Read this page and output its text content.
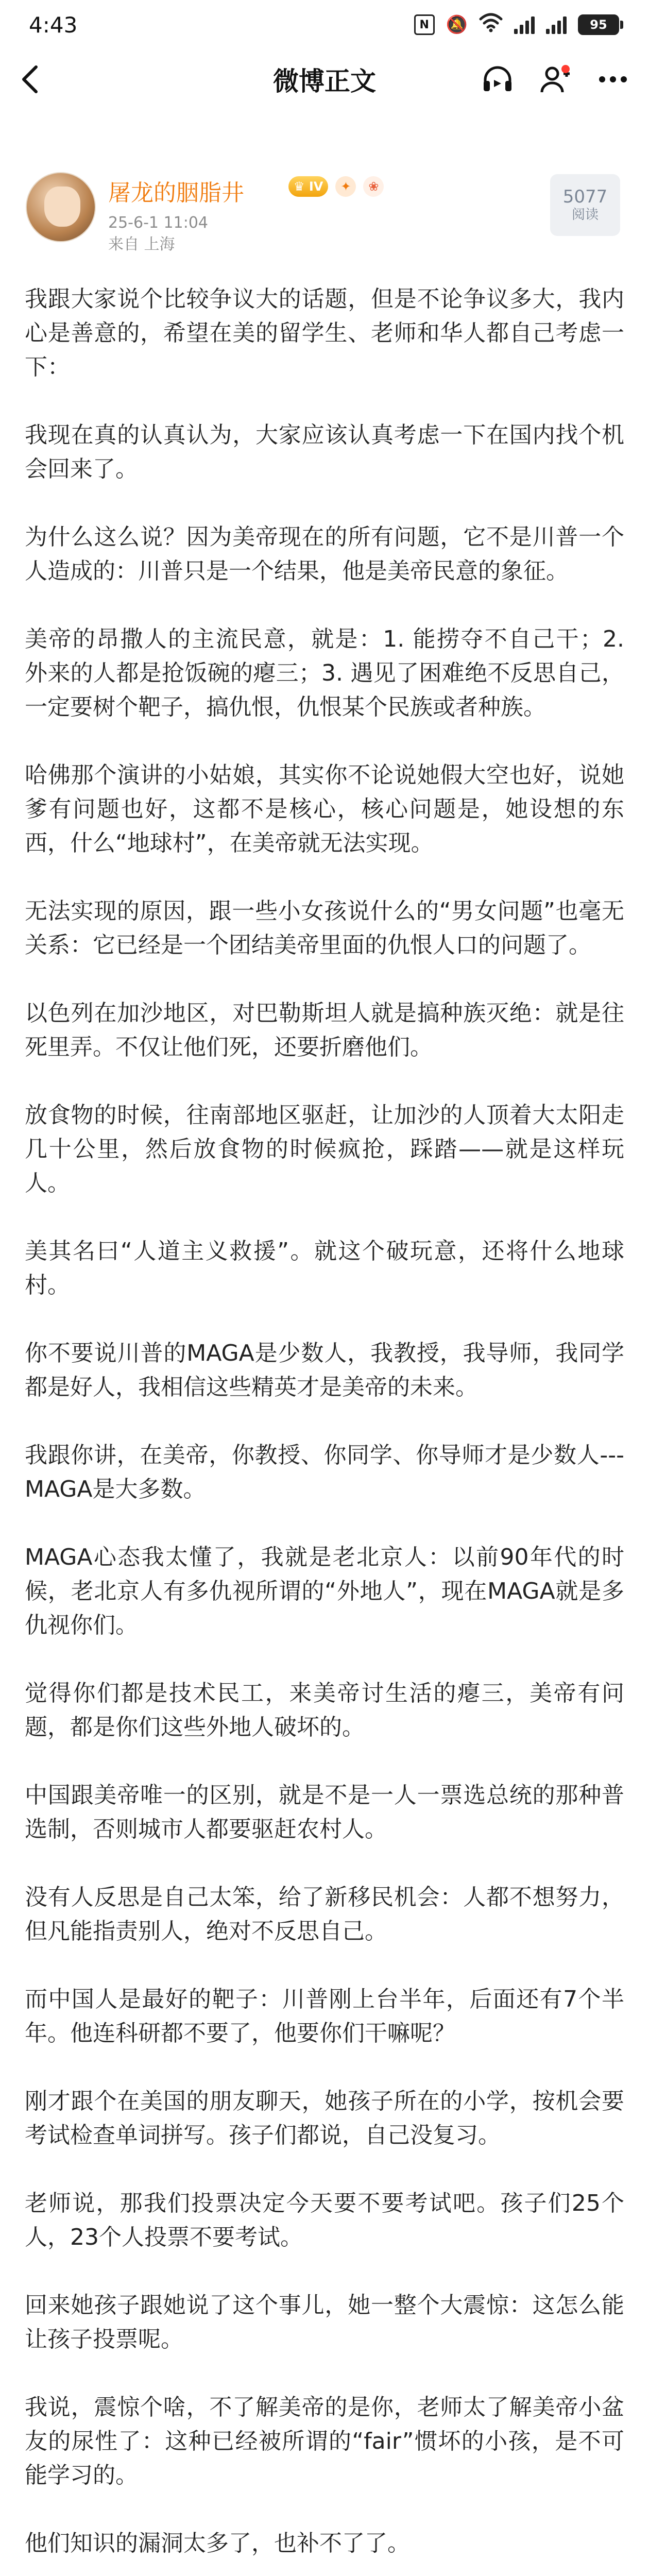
4:43	N 🔕	95
微博正文
屠龙的胭脂井	♛ IV	✦	❀
25-6-1 11:04
来自 上海
5077
阅读

我跟大家说个比较争议大的话题，但是不论争议多大，我内心是善意的，希望在美的留学生、老师和华人都自己考虑一下：

我现在真的认真认为，大家应该认真考虑一下在国内找个机会回来了。

为什么这么说？因为美帝现在的所有问题，它不是川普一个人造成的：川普只是一个结果，他是美帝民意的象征。

美帝的昂撒人的主流民意，就是：1. 能捞夺不自己干；2. 外来的人都是抢饭碗的瘪三；3. 遇见了困难绝不反思自己，一定要树个靶子，搞仇恨，仇恨某个民族或者种族。

哈佛那个演讲的小姑娘，其实你不论说她假大空也好，说她爹有问题也好，这都不是核心，核心问题是，她设想的东西，什么“地球村”，在美帝就无法实现。

无法实现的原因，跟一些小女孩说什么的“男女问题”也毫无关系：它已经是一个团结美帝里面的仇恨人口的问题了。

以色列在加沙地区，对巴勒斯坦人就是搞种族灭绝：就是往死里弄。不仅让他们死，还要折磨他们。

放食物的时候，往南部地区驱赶，让加沙的人顶着大太阳走几十公里，然后放食物的时候疯抢，踩踏——就是这样玩人。

美其名曰“人道主义救援”。就这个破玩意，还将什么地球村。

你不要说川普的MAGA是少数人，我教授，我导师，我同学都是好人，我相信这些精英才是美帝的未来。

我跟你讲，在美帝，你教授、你同学、你导师才是少数人---MAGA是大多数。

MAGA心态我太懂了，我就是老北京人：以前90年代的时候，老北京人有多仇视所谓的“外地人”，现在MAGA就是多仇视你们。

觉得你们都是技术民工，来美帝讨生活的瘪三，美帝有问题，都是你们这些外地人破坏的。

中国跟美帝唯一的区别，就是不是一人一票选总统的那种普选制，否则城市人都要驱赶农村人。

没有人反思是自己太笨，给了新移民机会：人都不想努力，但凡能指责别人，绝对不反思自己。

而中国人是最好的靶子：川普刚上台半年，后面还有7个半年。他连科研都不要了，他要你们干嘛呢？

刚才跟个在美国的朋友聊天，她孩子所在的小学，按机会要考试检查单词拼写。孩子们都说，自己没复习。

老师说，那我们投票决定今天要不要考试吧。孩子们25个人，23个人投票不要考试。

回来她孩子跟她说了这个事儿，她一整个大震惊：这怎么能让孩子投票呢。

我说，震惊个啥，不了解美帝的是你，老师太了解美帝小盆友的尿性了：这种已经被所谓的“fair”惯坏的小孩，是不可能学习的。

他们知识的漏洞太多了，也补不了了。
